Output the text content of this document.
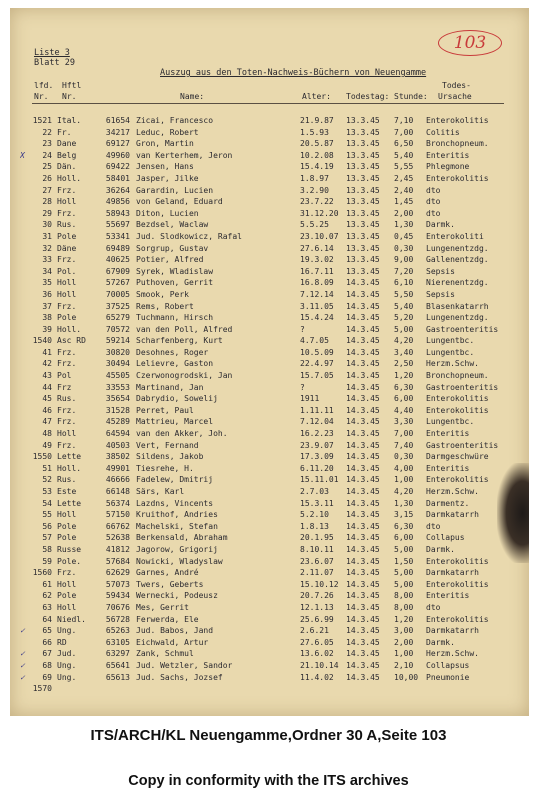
Liste 3
Blatt 29
103
Auszug aus den Toten-Nachweis-Büchern von Neuengamme
lfd. Hftl	Todes-
Nr. Nr.	Name:	Alter: Todestag: Stunde: Ursache
1521 Ital.	61654 Zicai, Francesco	21.9.87	13.3.45	7,10	Enterokolitis
22 Fr.	34217 Leduc, Robert	1.5.93	13.3.45	7,00	Colitis
23 Dane	69127 Gron, Martin	20.5.87	13.3.45	6,50	Bronchopneum.
X	24 Belg	49960 van Kerterhem, Jeron	10.2.08	13.3.45	5,40	Enteritis
25 Dän.	69422 Jensen, Hans	15.4.19	13.3.45	5,55	Phlegmone
26 Holl.	58401 Jasper, Jilke	1.8.97	13.3.45	2,45	Enterokolitis
27 Frz.	36264 Garardin, Lucien	3.2.90	13.3.45	2,40	dto
28 Holl	49856 von Geland, Eduard	23.7.22	13.3.45	1,45	dto
29 Frz.	58943 Diton, Lucien	31.12.20 13.3.45	2,00	dto
30 Rus.	55697 Bezdsel, Waclaw	5.5.25	13.3.45	1,30	Darmk.
31 Pole	53341 Jud. Slodkowicz, Rafal	23.10.07 13.3.45	0,45	Enterokoliti
32 Däne	69489 Sorgrup, Gustav	27.6.14	13.3.45	0,30	Lungenentzdg.
33 Frz.	40625 Potier, Alfred	19.3.02	13.3.45	9,00	Gallenentzdg.
34 Pol.	67909 Syrek, Wladislaw	16.7.11	13.3.45	7,20	Sepsis
35 Holl	57267 Puthoven, Gerrit	16.8.09	14.3.45	6,10	Nierenentzdg.
36 Holl	70005 Smook, Perk	7.12.14	14.3.45	5,50	Sepsis
37 Frz.	37525 Rems, Robert	3.11.05	14.3.45	5,40	Blasenkatarrh
38 Pole	65279 Tuchmann, Hirsch	15.4.24	14.3.45	5,20	Lungenentzdg.
39 Holl.	70572 van den Poll, Alfred	?	14.3.45	5,00	Gastroenteritis
1540 Asc RD	59214 Scharfenberg, Kurt	4.7.05	14.3.45	4,20	Lungentbc.
41 Frz.	30820 Desohnes, Roger	10.5.09	14.3.45	3,40	Lungentbc.
42 Frz.	30494 Lelievre, Gaston	22.4.97	14.3.45	2,50	Herzm.Schw.
43 Pol	45505 Czerwonogrodski, Jan	15.7.05	14.3.45	1,20	Bronchopneum.
44 Frz	33553 Martinand, Jan	?	14.3.45	6,30	Gastroenteritis
45 Rus.	35654 Dabrydio, Sowelij	1911	14.3.45	6,00	Enterokolitis
46 Frz.	31528 Perret, Paul	1.11.11	14.3.45	4,40	Enterokolitis
47 Frz.	45289 Mattrieu, Marcel	7.12.04	14.3.45	3,30	Lungentbc.
48 Holl	64594 van den Akker, Joh.	16.2.23	14.3.45	7,00	Enteritis
49 Frz.	40503 Vert, Fernand	23.9.07	14.3.45	7,40	Gastroenteritis
1550 Lette	38502 Sildens, Jakob	17.3.09	14.3.45	0,30	Darmgeschwüre
51 Holl.	49901 Tiesrehe, H.	6.11.20	14.3.45	4,00	Enteritis
52 Rus.	46666 Fadelew, Dmitrij	15.11.01 14.3.45	1,00	Enterokolitis
53 Este	66148 Särs, Karl	2.7.03	14.3.45	4,20	Herzm.Schw.
54 Lette	56374 Lazdns, Vincents	15.3.11	14.3.45	1,30	Darmentz.
55 Holl	57150 Kruithof, Andries	5.2.10	14.3.45	3,15	Darmkatarrh
56 Pole	66762 Machelski, Stefan	1.8.13	14.3.45	6,30	dto
57 Pole	52638 Berkensald, Abraham	20.1.95	14.3.45	6,00	Collapus
58 Russe	41812 Jagorow, Grigorij	8.10.11	14.3.45	5,00	Darmk.
59 Pole.	57684 Nowicki, Wladyslaw	23.6.07	14.3.45	1,50	Enterokolitis
1560 Frz.	62629 Garnes, André	2.11.07	14.3.45	5,00	Darmkatarrh
61 Holl	57073 Twers, Geberts	15.10.12 14.3.45	5,00	Enterokolitis
62 Pole	59434 Wernecki, Podeusz	20.7.26	14.3.45	8,00	Enteritis
63 Holl	70676 Mes, Gerrit	12.1.13	14.3.45	8,00	dto
64 Niedl.	56728 Ferwerda, Ele	25.6.99	14.3.45	1,20	Enterokolitis
✓	65 Ung.	65263 Jud. Babos, Jand	2.6.21	14.3.45	3,00	Darmkatarrh
66 RD	63105 Eichwald, Artur	27.6.05	14.3.45	2,00	Darmk.
✓	67 Jud.	63297 Zank, Schmul	13.6.02	14.3.45	1,00	Herzm.Schw.
✓	68 Ung.	65641 Jud. Wetzler, Sandor	21.10.14 14.3.45	2,10	Collapsus
✓	69 Ung.	65613 Jud. Sachs, Jozsef	11.4.02	14.3.45	10,00 Pneumonie
1570
ITS/ARCH/KL Neuengamme,Ordner 30 A,Seite 103
Copy in conformity with the ITS archives
